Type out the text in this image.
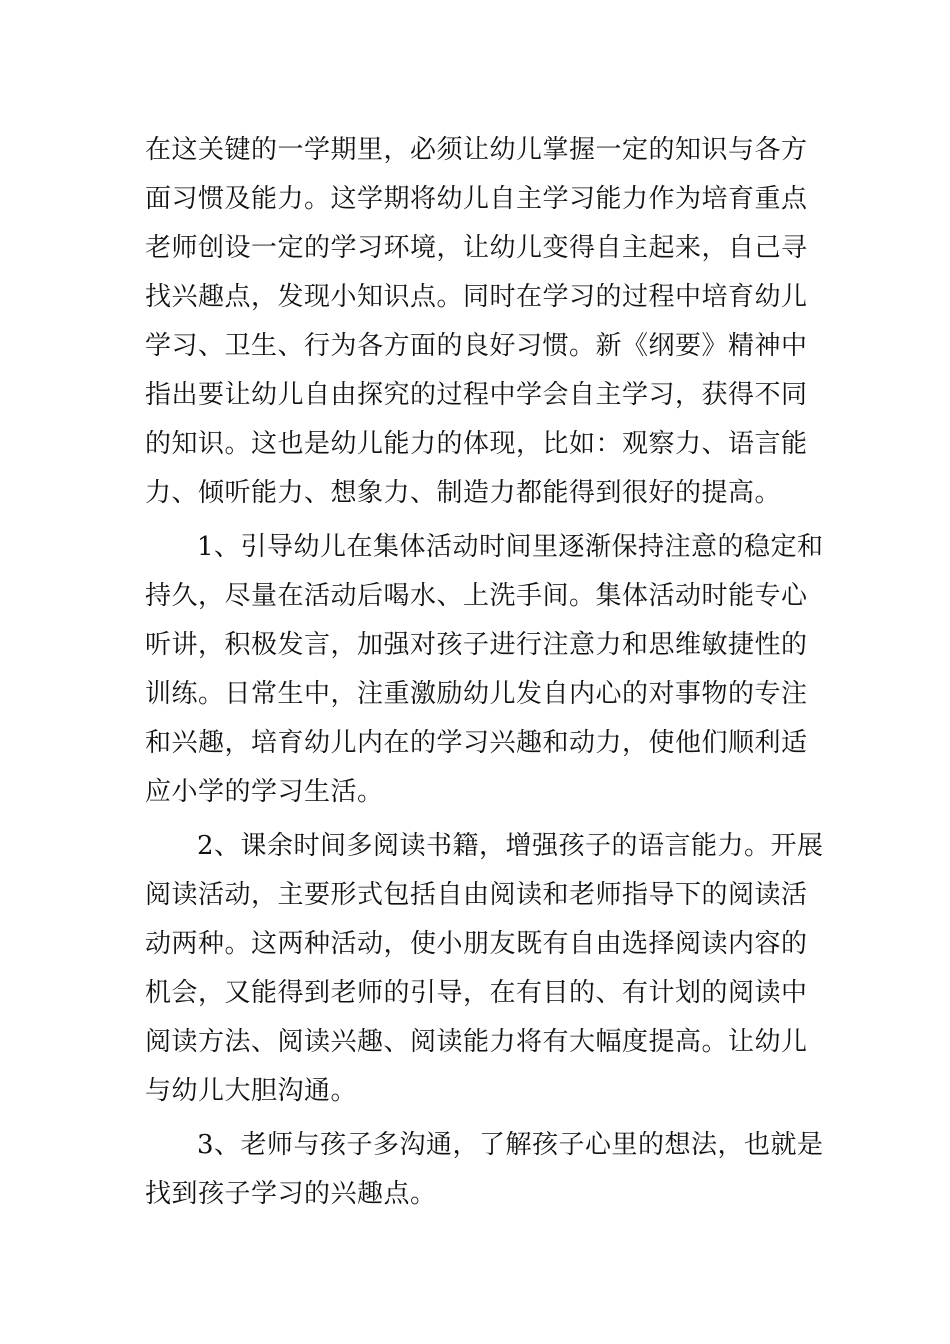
在这关键的一学期里，必须让幼儿掌握一定的知识与各方
面习惯及能力。这学期将幼儿自主学习能力作为培育重点
老师创设一定的学习环境，让幼儿变得自主起来，自己寻
找兴趣点，发现小知识点。同时在学习的过程中培育幼儿
学习、卫生、行为各方面的良好习惯。新《纲要》精神中
指出要让幼儿自由探究的过程中学会自主学习，获得不同
的知识。这也是幼儿能力的体现，比如：观察力、语言能
力、倾听能力、想象力、制造力都能得到很好的提高。
1、引导幼儿在集体活动时间里逐渐保持注意的稳定和
持久，尽量在活动后喝水、上洗手间。集体活动时能专心
听讲，积极发言，加强对孩子进行注意力和思维敏捷性的
训练。日常生中，注重激励幼儿发自内心的对事物的专注
和兴趣，培育幼儿内在的学习兴趣和动力，使他们顺利适
应小学的学习生活。
2、课余时间多阅读书籍，增强孩子的语言能力。开展
阅读活动，主要形式包括自由阅读和老师指导下的阅读活
动两种。这两种活动，使小朋友既有自由选择阅读内容的
机会，又能得到老师的引导，在有目的、有计划的阅读中
阅读方法、阅读兴趣、阅读能力将有大幅度提高。让幼儿
与幼儿大胆沟通。
3、老师与孩子多沟通，了解孩子心里的想法，也就是
找到孩子学习的兴趣点。
